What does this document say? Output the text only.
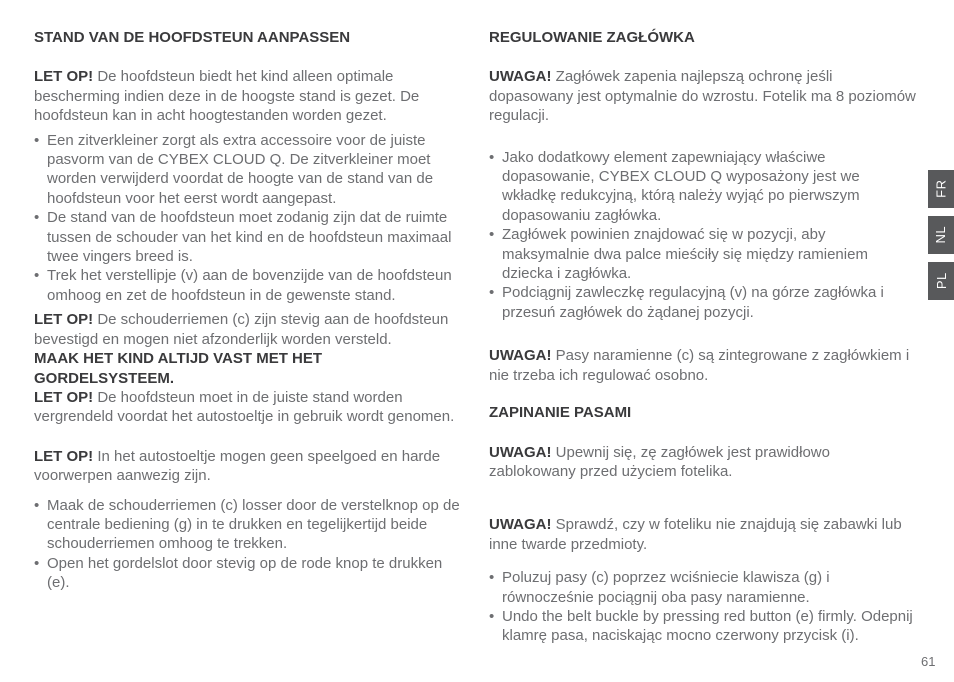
STAND VAN DE HOOFDSTEUN AANPASSEN

LET OP! De hoofdsteun biedt het kind alleen optimale bescherming indien deze in de hoogste stand is gezet. De hoofdsteun kan in acht hoogtestanden worden gezet.

• Een zitverkleiner zorgt als extra accessoire voor de juiste pasvorm van de CYBEX CLOUD Q. De zitverkleiner moet worden verwijderd voordat de hoogte van de stand van de hoofdsteun voor het eerst wordt aangepast.
• De stand van de hoofdsteun moet zodanig zijn dat de ruimte tussen de schouder van het kind en de hoofdsteun maximaal twee vingers breed is.
• Trek het verstellipje (v) aan de bovenzijde van de hoofdsteun omhoog en zet de hoofdsteun in de gewenste stand.

LET OP! De schouderriemen (c) zijn stevig aan de hoofdsteun bevestigd en mogen niet afzonderlijk worden versteld.

MAAK HET KIND ALTIJD VAST MET HET GORDELSYSTEEM.

LET OP! De hoofdsteun moet in de juiste stand worden vergrendeld voordat het autostoeltje in gebruik wordt genomen.

LET OP! In het autostoeltje mogen geen speelgoed en harde voorwerpen aanwezig zijn.

• Maak de schouderriemen (c) losser door de verstelknop op de centrale bediening (g) in te drukken en tegelijkertijd beide schouderriemen omhoog te trekken.
• Open het gordelslot door stevig op de rode knop te drukken (e).

REGULOWANIE ZAGŁÓWKA

UWAGA! Zagłówek zapenia najlepszą ochronę jeśli dopasowany jest optymalnie do wzrostu. Fotelik ma 8 poziomów regulacji.

• Jako dodatkowy element zapewniający właściwe dopasowanie, CYBEX CLOUD Q wyposażony jest we wkładkę redukcyjną, którą należy wyjąć po pierwszym dopasowaniu zagłówka.
• Zagłówek powinien znajdować się w pozycji, aby maksymalnie dwa palce mieściły się między ramieniem dziecka i zagłówka.
• Podciągnij zawleczkę regulacyjną (v) na górze zagłówka i przesuń zagłówek do żądanej pozycji.

UWAGA! Pasy naramienne (c) są zintegrowane z zagłówkiem i nie trzeba ich regulować osobno.

ZAPINANIE PASAMI

UWAGA! Upewnij się, zę zagłówek jest prawidłowo zablokowany przed użyciem fotelika.

UWAGA! Sprawdź, czy w foteliku nie znajdują się zabawki lub inne twarde przedmioty.

• Poluzuj pasy (c) poprzez wciśniecie klawisza (g) i równocześnie pociągnij oba pasy naramienne.
• Undo the belt buckle by pressing red button (e) firmly. Odepnij klamrę pasa, naciskając mocno czerwony przycisk (i).
FR
NL
PL
61
